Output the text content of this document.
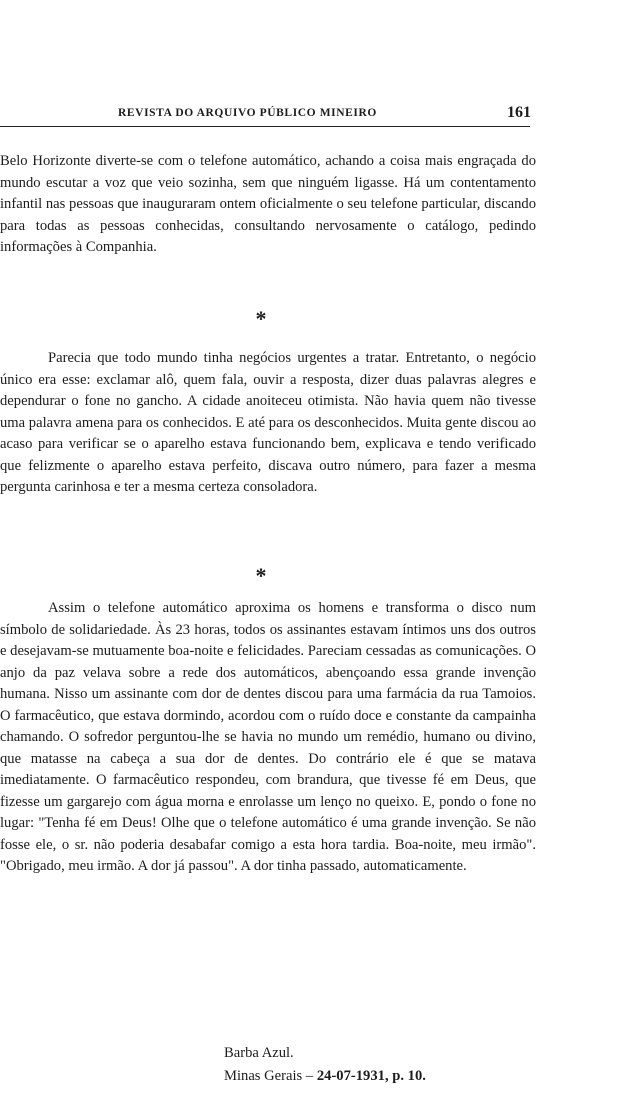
REVISTA DO ARQUIVO PÚBLICO MINEIRO	161

Belo Horizonte diverte-se com o telefone automático, achando a coisa mais engraçada do mundo escutar a voz que veio sozinha, sem que ninguém ligasse. Há um contentamento infantil nas pessoas que inauguraram ontem oficialmente o seu telefone particular, discando para todas as pessoas conhecidas, consultando nervosamente o catálogo, pedindo informações à Companhia.

*

Parecia que todo mundo tinha negócios urgentes a tratar. Entretanto, o negócio único era esse: exclamar alô, quem fala, ouvir a resposta, dizer duas palavras alegres e dependurar o fone no gancho. A cidade anoiteceu otimista. Não havia quem não tivesse uma palavra amena para os conhecidos. E até para os desconhecidos. Muita gente discou ao acaso para verificar se o aparelho estava funcionando bem, explicava e tendo verificado que felizmente o aparelho estava perfeito, discava outro número, para fazer a mesma pergunta carinhosa e ter a mesma certeza consoladora.

*

Assim o telefone automático aproxima os homens e transforma o disco num símbolo de solidariedade. Às 23 horas, todos os assinantes estavam íntimos uns dos outros e desejavam-se mutuamente boa-noite e felicidades. Pareciam cessadas as comunicações. O anjo da paz velava sobre a rede dos automáticos, abençoando essa grande invenção humana. Nisso um assinante com dor de dentes discou para uma farmácia da rua Tamoios. O farmacêutico, que estava dormindo, acordou com o ruído doce e constante da campainha chamando. O sofredor perguntou-lhe se havia no mundo um remédio, humano ou divino, que matasse na cabeça a sua dor de dentes. Do contrário ele é que se matava imediatamente. O farmacêutico respondeu, com brandura, que tivesse fé em Deus, que fizesse um gargarejo com água morna e enrolasse um lenço no queixo. E, pondo o fone no lugar: "Tenha fé em Deus! Olhe que o telefone automático é uma grande invenção. Se não fosse ele, o sr. não poderia desabafar comigo a esta hora tardia. Boa-noite, meu irmão". "Obrigado, meu irmão. A dor já passou". A dor tinha passado, automaticamente.

Barba Azul.
Minas Gerais – 24-07-1931, p. 10.
